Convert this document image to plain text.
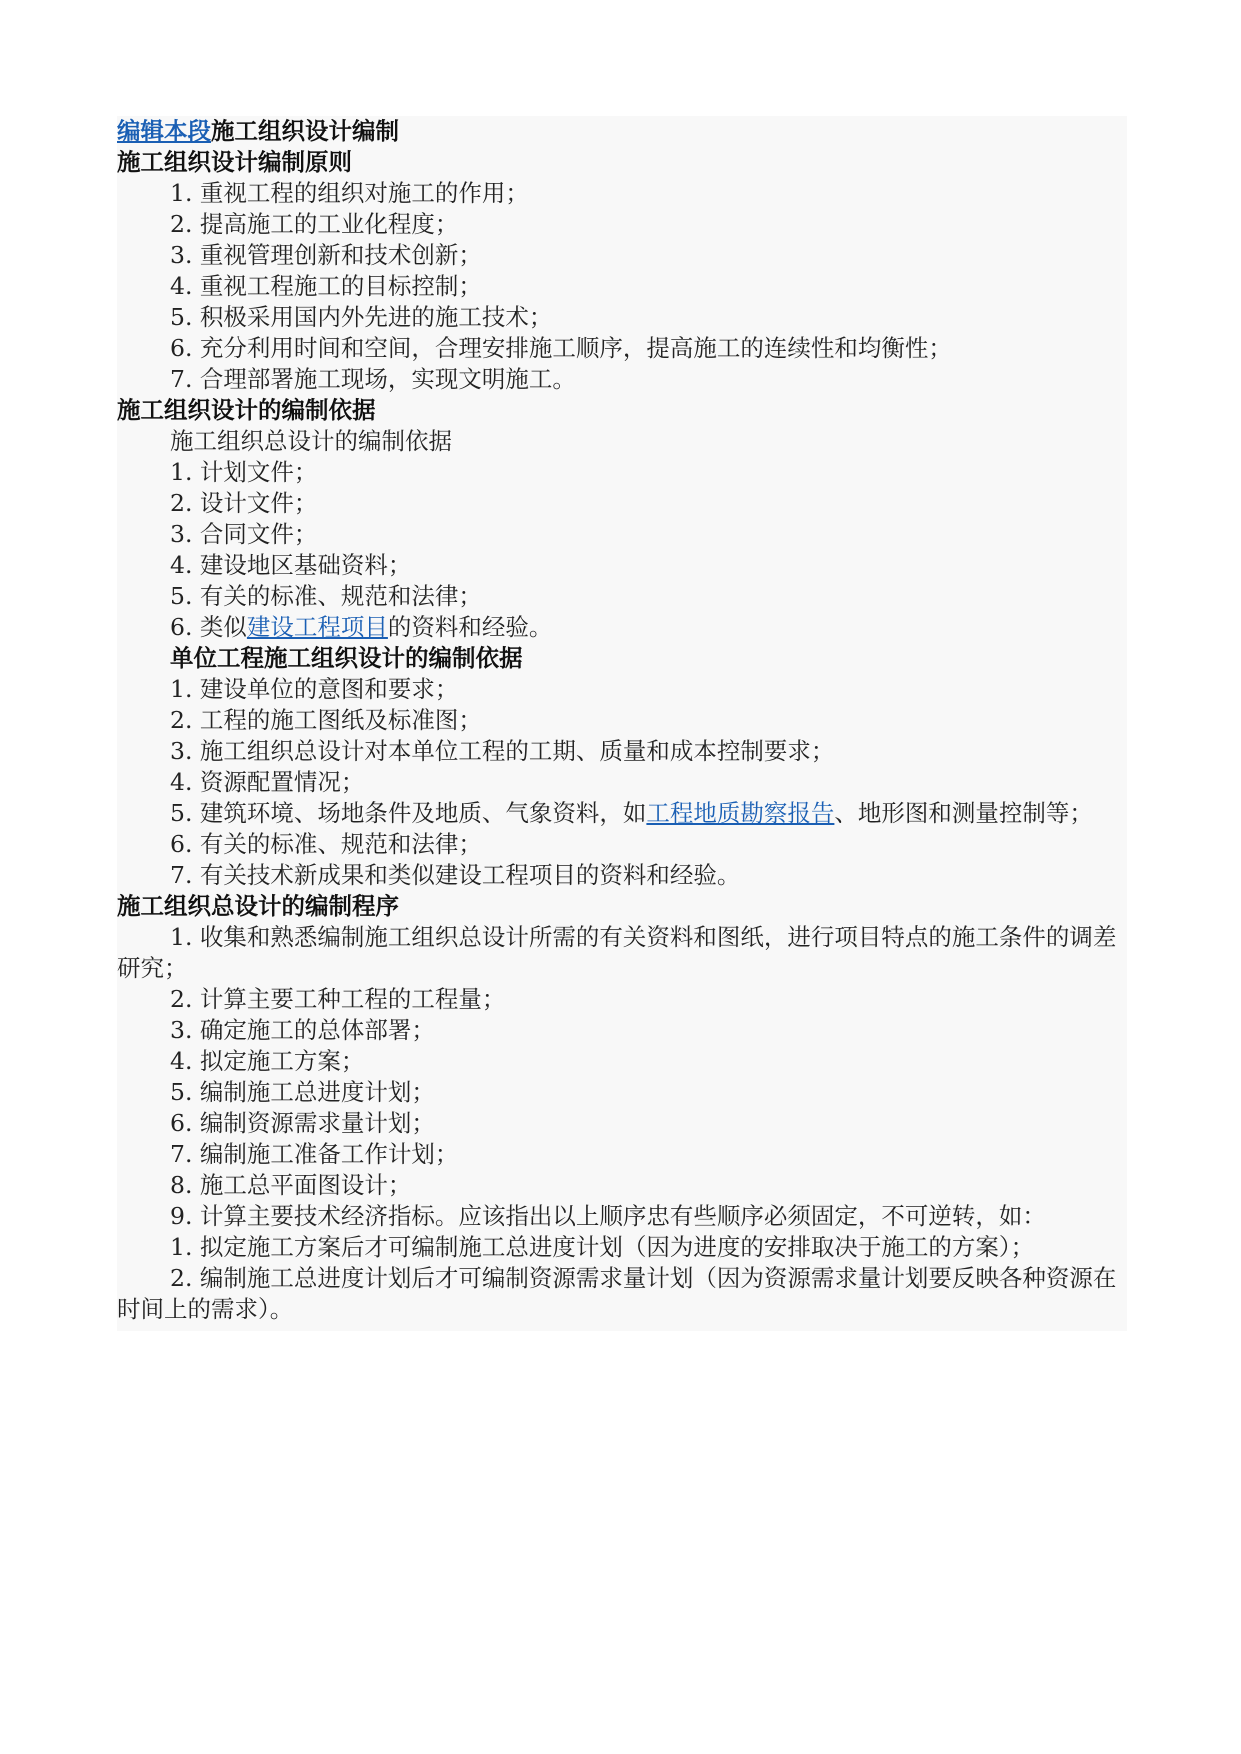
编辑本段施工组织设计编制

施工组织设计编制原则

1. 重视工程的组织对施工的作用；

2. 提高施工的工业化程度；

3. 重视管理创新和技术创新；

4. 重视工程施工的目标控制；

5. 积极采用国内外先进的施工技术；

6. 充分利用时间和空间，合理安排施工顺序，提高施工的连续性和均衡性；

7. 合理部署施工现场，实现文明施工。

施工组织设计的编制依据

施工组织总设计的编制依据

1. 计划文件；

2. 设计文件；

3. 合同文件；

4. 建设地区基础资料；

5. 有关的标准、规范和法律；

6. 类似建设工程项目的资料和经验。

单位工程施工组织设计的编制依据

1. 建设单位的意图和要求；

2. 工程的施工图纸及标准图；

3. 施工组织总设计对本单位工程的工期、质量和成本控制要求；

4. 资源配置情况；

5. 建筑环境、场地条件及地质、气象资料，如工程地质勘察报告、地形图和测量控制等；

6. 有关的标准、规范和法律；

7. 有关技术新成果和类似建设工程项目的资料和经验。

施工组织总设计的编制程序

1. 收集和熟悉编制施工组织总设计所需的有关资料和图纸，进行项目特点的施工条件的调差研究；

2. 计算主要工种工程的工程量；

3. 确定施工的总体部署；

4. 拟定施工方案；

5. 编制施工总进度计划；

6. 编制资源需求量计划；

7. 编制施工准备工作计划；

8. 施工总平面图设计；

9. 计算主要技术经济指标。应该指出以上顺序忠有些顺序必须固定，不可逆转，如：

1. 拟定施工方案后才可编制施工总进度计划（因为进度的安排取决于施工的方案）；

2. 编制施工总进度计划后才可编制资源需求量计划（因为资源需求量计划要反映各种资源在时间上的需求）。
